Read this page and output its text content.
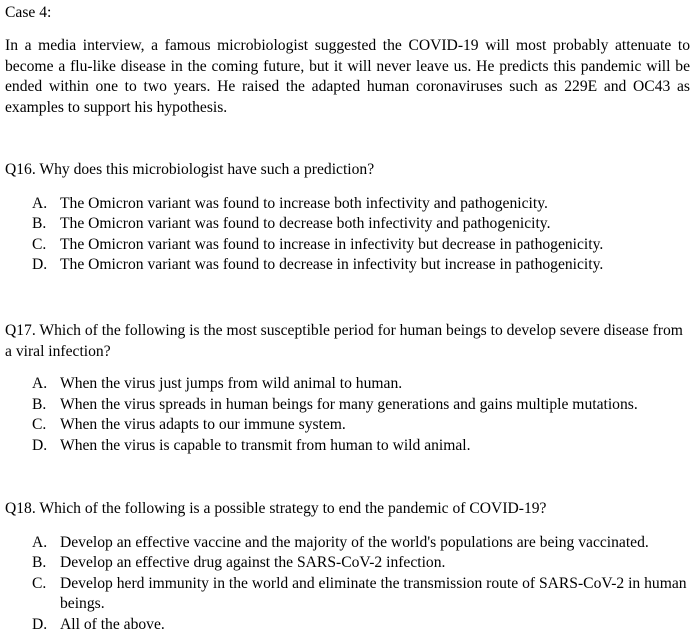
Case 4:

In a media interview, a famous microbiologist suggested the COVID-19 will most probably attenuate to become a flu-like disease in the coming future, but it will never leave us. He predicts this pandemic will be ended within one to two years. He raised the adapted human coronaviruses such as 229E and OC43 as examples to support his hypothesis.

Q16. Why does this microbiologist have such a prediction?

A. The Omicron variant was found to increase both infectivity and pathogenicity.
B. The Omicron variant was found to decrease both infectivity and pathogenicity.
C. The Omicron variant was found to increase in infectivity but decrease in pathogenicity.
D. The Omicron variant was found to decrease in infectivity but increase in pathogenicity.

Q17. Which of the following is the most susceptible period for human beings to develop severe disease from a viral infection?

A. When the virus just jumps from wild animal to human.
B. When the virus spreads in human beings for many generations and gains multiple mutations.
C. When the virus adapts to our immune system.
D. When the virus is capable to transmit from human to wild animal.

Q18. Which of the following is a possible strategy to end the pandemic of COVID-19?

A. Develop an effective vaccine and the majority of the world's populations are being vaccinated.
B. Develop an effective drug against the SARS-CoV-2 infection.
C. Develop herd immunity in the world and eliminate the transmission route of SARS-CoV-2 in human beings.
D. All of the above.
